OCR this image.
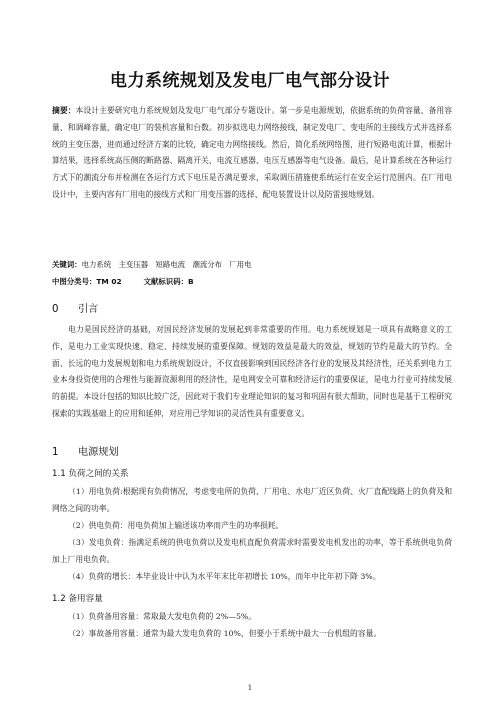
电力系统规划及发电厂电气部分设计

摘要：本设计主要研究电力系统规划及发电厂电气部分专题设计。第一步是电源规划，依据系统的负荷容量、备用容量、和调峰容量，确定电厂的装机容量和台数。初步拟选电力网络接线，制定发电厂、变电所的主接线方式并选择系统的主变压器，进而通过经济方案的比较，确定电力网络接线。然后，简化系统网络图，进行短路电流计算，根据计算结果，选择系统高压侧的断路器、隔离开关、电流互感器、电压互感器等电气设备。最后，是计算系统在各种运行方式下的潮流分布并检测在各运行方式下电压是否满足要求，采取调压措施使系统运行在安全运行范围内。在厂用电设计中，主要内容有厂用电的接线方式和厂用变压器的选择、配电装置设计以及防雷接地规划。

关键词：电力系统　主变压器　短路电流　潮流分布　厂用电
中图分类号：TM 02	文献标识码：B
0 引言

电力是国民经济的基础，对国民经济发展的发展起到非常重要的作用。电力系统规划是一项具有战略意义的工作，是电力工业实现快速、稳定、持续发展的重要保障。规划的效益是最大的效益，规划的节约是最大的节约。全面、长远的电力发展规划和电力系统规划设计，不仅直接影响到国民经济各行业的发展及其经济性，还关系到电力工业本身投资使用的合理性与能源资源利用的经济性，是电网安全可靠和经济运行的重要保证，是电力行业可持续发展的前提。本设计包括的知识比较广泛，因此对于我们专业理论知识的复习和巩固有很大帮助，同时也是基于工程研究探索的实践基础上的应用和延伸，对应用已学知识的灵活性具有重要意义。

1 电源规划
1.1 负荷之间的关系

（1）用电负荷:根据现有负荷情况，考虑变电所的负荷、厂用电、水电厂近区负荷、火厂直配线路上的负荷及和网络之间的功率。

（2）供电负荷：用电负荷加上输送该功率而产生的功率损耗。

（3）发电负荷：指满足系统的供电负荷以及发电机直配负荷需求时需要发电机发出的功率，等于系统供电负荷加上厂用电负荷。

（4）负荷的增长：本毕业设计中认为水平年末比年初增长 10%，而年中比年初下降 3%。

1.2 备用容量

（1）负荷备用容量：常取最大发电负荷的 2%—5%。

（2）事故备用容量：通常为最大发电负荷的 10%，但要小于系统中最大一台机组的容量。

1
